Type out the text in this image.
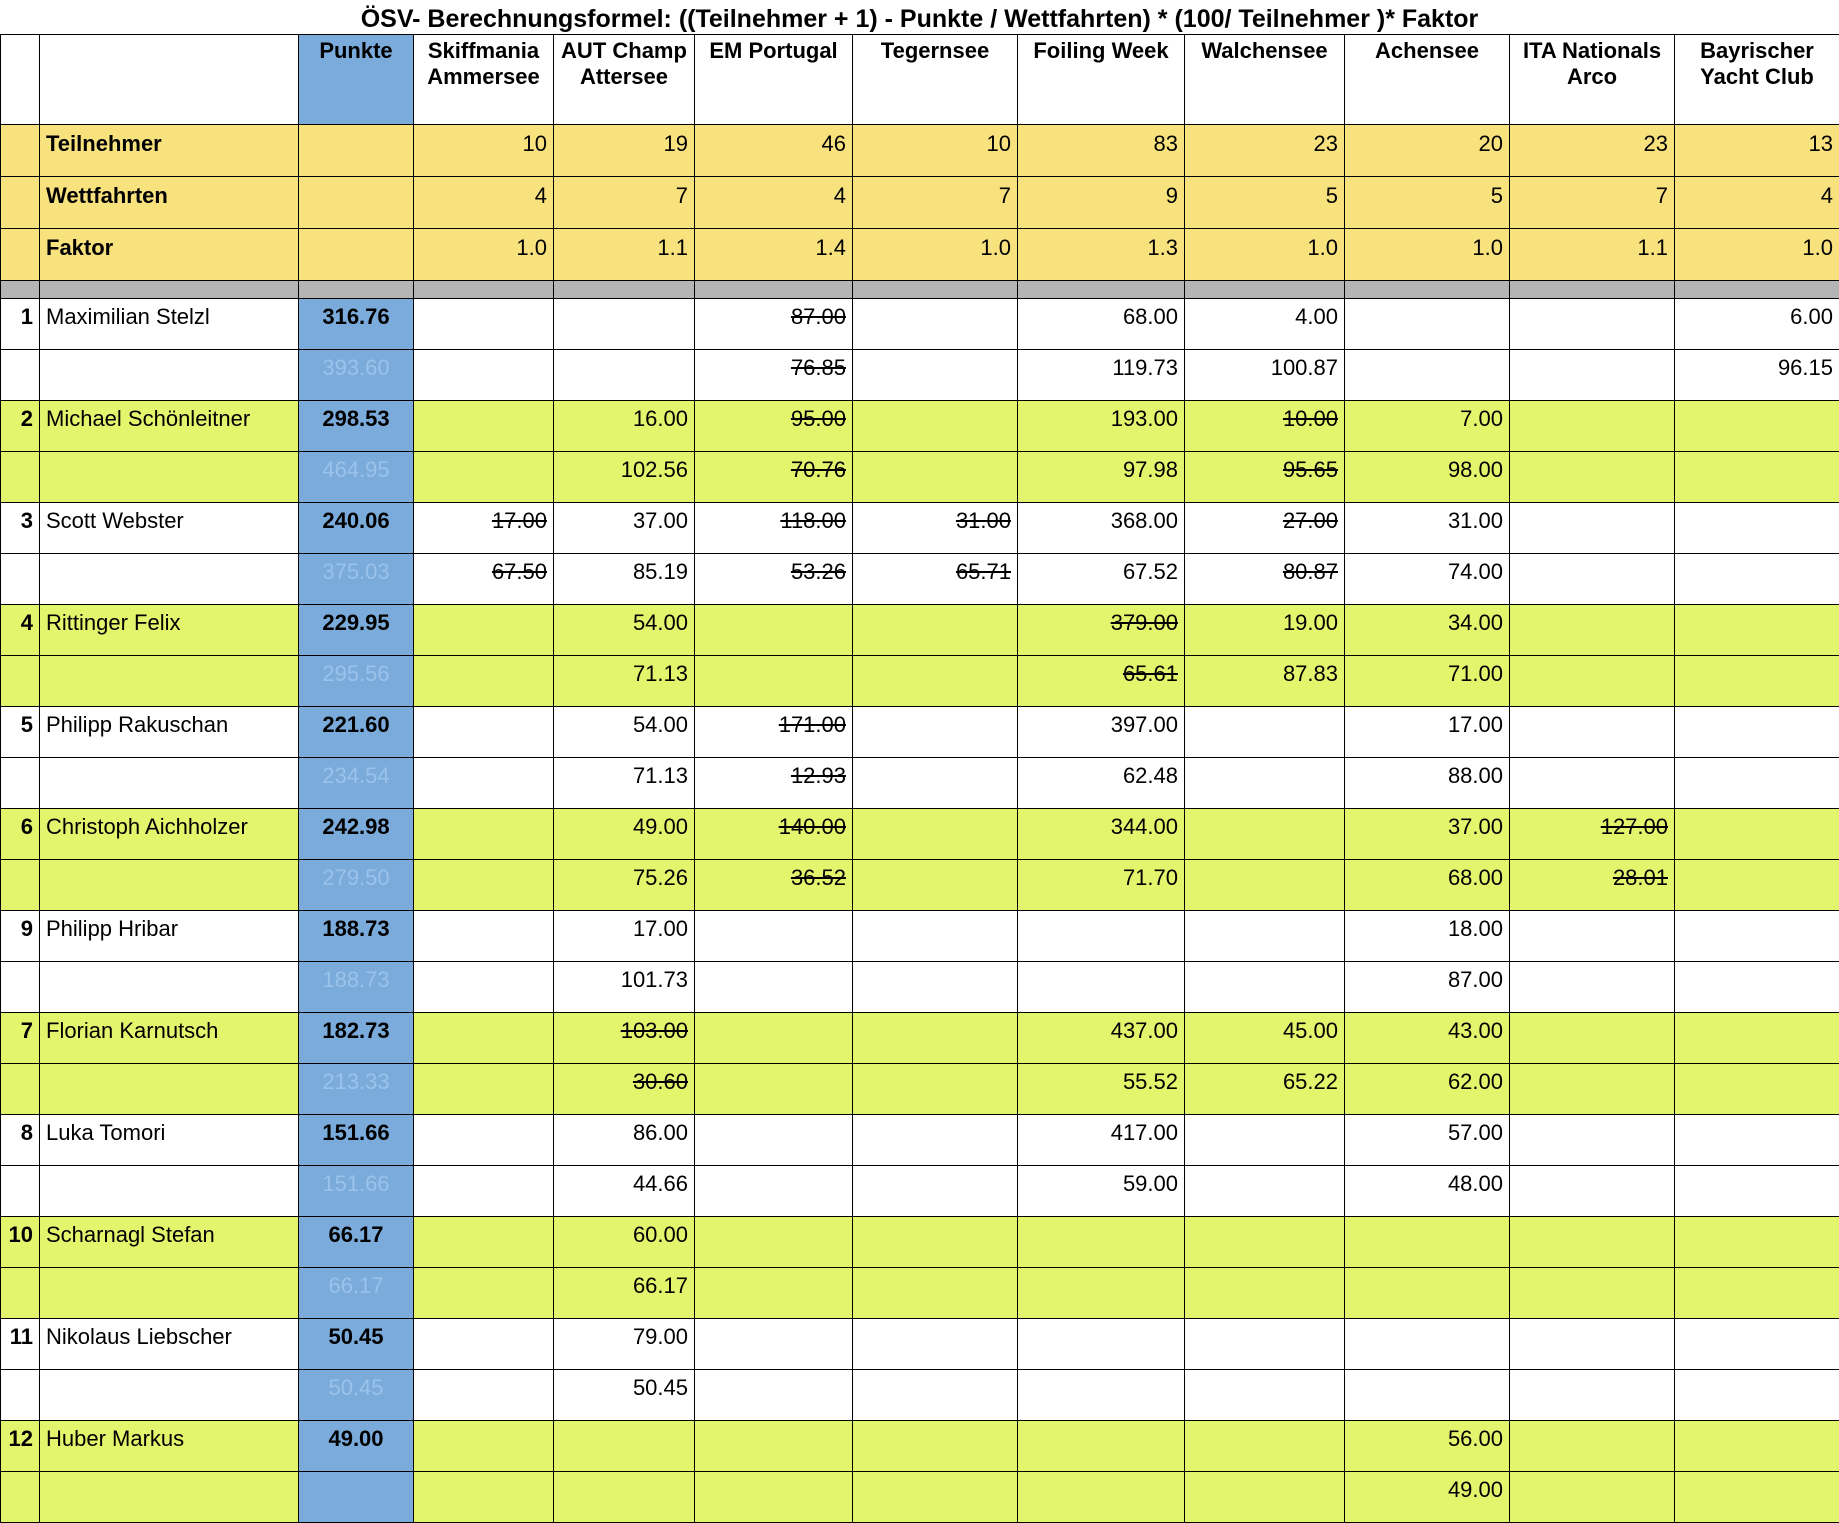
ÖSV- Berechnungsformel: ((Teilnehmer + 1) - Punkte / Wettfahrten) * (100/ Teilnehmer )* Faktor
		Punkte	Skiffmania Ammersee	AUT Champ Attersee	EM Portugal	Tegernsee	Foiling Week	Walchensee	Achensee	ITA Nationals Arco	Bayrischer Yacht Club
	Teilnehmer		10	19	46	10	83	23	20	23	13
	Wettfahrten		4	7	4	7	9	5	5	7	4
	Faktor		1.0	1.1	1.4	1.0	1.3	1.0	1.0	1.1	1.0

1	Maximilian Stelzl	316.76			87.00		68.00	4.00			6.00
		393.60			76.85		119.73	100.87			96.15
2	Michael Schönleitner	298.53		16.00	95.00		193.00	10.00	7.00		
		464.95		102.56	70.76		97.98	95.65	98.00		
3	Scott Webster	240.06	17.00	37.00	118.00	31.00	368.00	27.00	31.00		
		375.03	67.50	85.19	53.26	65.71	67.52	80.87	74.00		
4	Rittinger Felix	229.95		54.00			379.00	19.00	34.00		
		295.56		71.13			65.61	87.83	71.00		
5	Philipp Rakuschan	221.60		54.00	171.00		397.00		17.00		
		234.54		71.13	12.93		62.48		88.00		
6	Christoph Aichholzer	242.98		49.00	140.00		344.00		37.00	127.00	
		279.50		75.26	36.52		71.70		68.00	28.01	
9	Philipp Hribar	188.73		17.00					18.00		
		188.73		101.73					87.00		
7	Florian Karnutsch	182.73		103.00			437.00	45.00	43.00		
		213.33		30.60			55.52	65.22	62.00		
8	Luka Tomori	151.66		86.00			417.00		57.00		
		151.66		44.66			59.00		48.00		
10	Scharnagl Stefan	66.17		60.00							
		66.17		66.17							
11	Nikolaus Liebscher	50.45		79.00							
		50.45		50.45							
12	Huber Markus	49.00							56.00		
									49.00		
